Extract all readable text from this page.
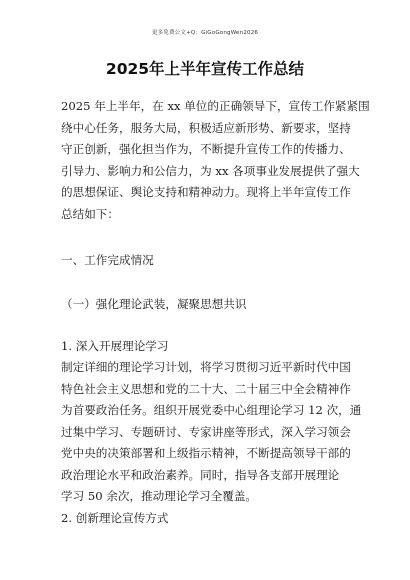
更多免费公文+Q：GiGoGongWen2026
2025年上半年宣传工作总结
2025 年上半年，在 xx 单位的正确领导下，宣传工作紧紧围
绕中心任务，服务大局，积极适应新形势、新要求，坚持
守正创新，强化担当作为，不断提升宣传工作的传播力、
引导力、影响力和公信力，为 xx 各项事业发展提供了强大
的思想保证、舆论支持和精神动力。现将上半年宣传工作
总结如下：
一、工作完成情况
（一）强化理论武装，凝聚思想共识
1. 深入开展理论学习
制定详细的理论学习计划，将学习贯彻习近平新时代中国
特色社会主义思想和党的二十大、二十届三中全会精神作
为首要政治任务。组织开展党委中心组理论学习 12 次，通
过集中学习、专题研讨、专家讲座等形式，深入学习领会
党中央的决策部署和上级指示精神，不断提高领导干部的
政治理论水平和政治素养。同时，指导各支部开展理论
学习 50 余次，推动理论学习全覆盖。
2. 创新理论宣传方式
